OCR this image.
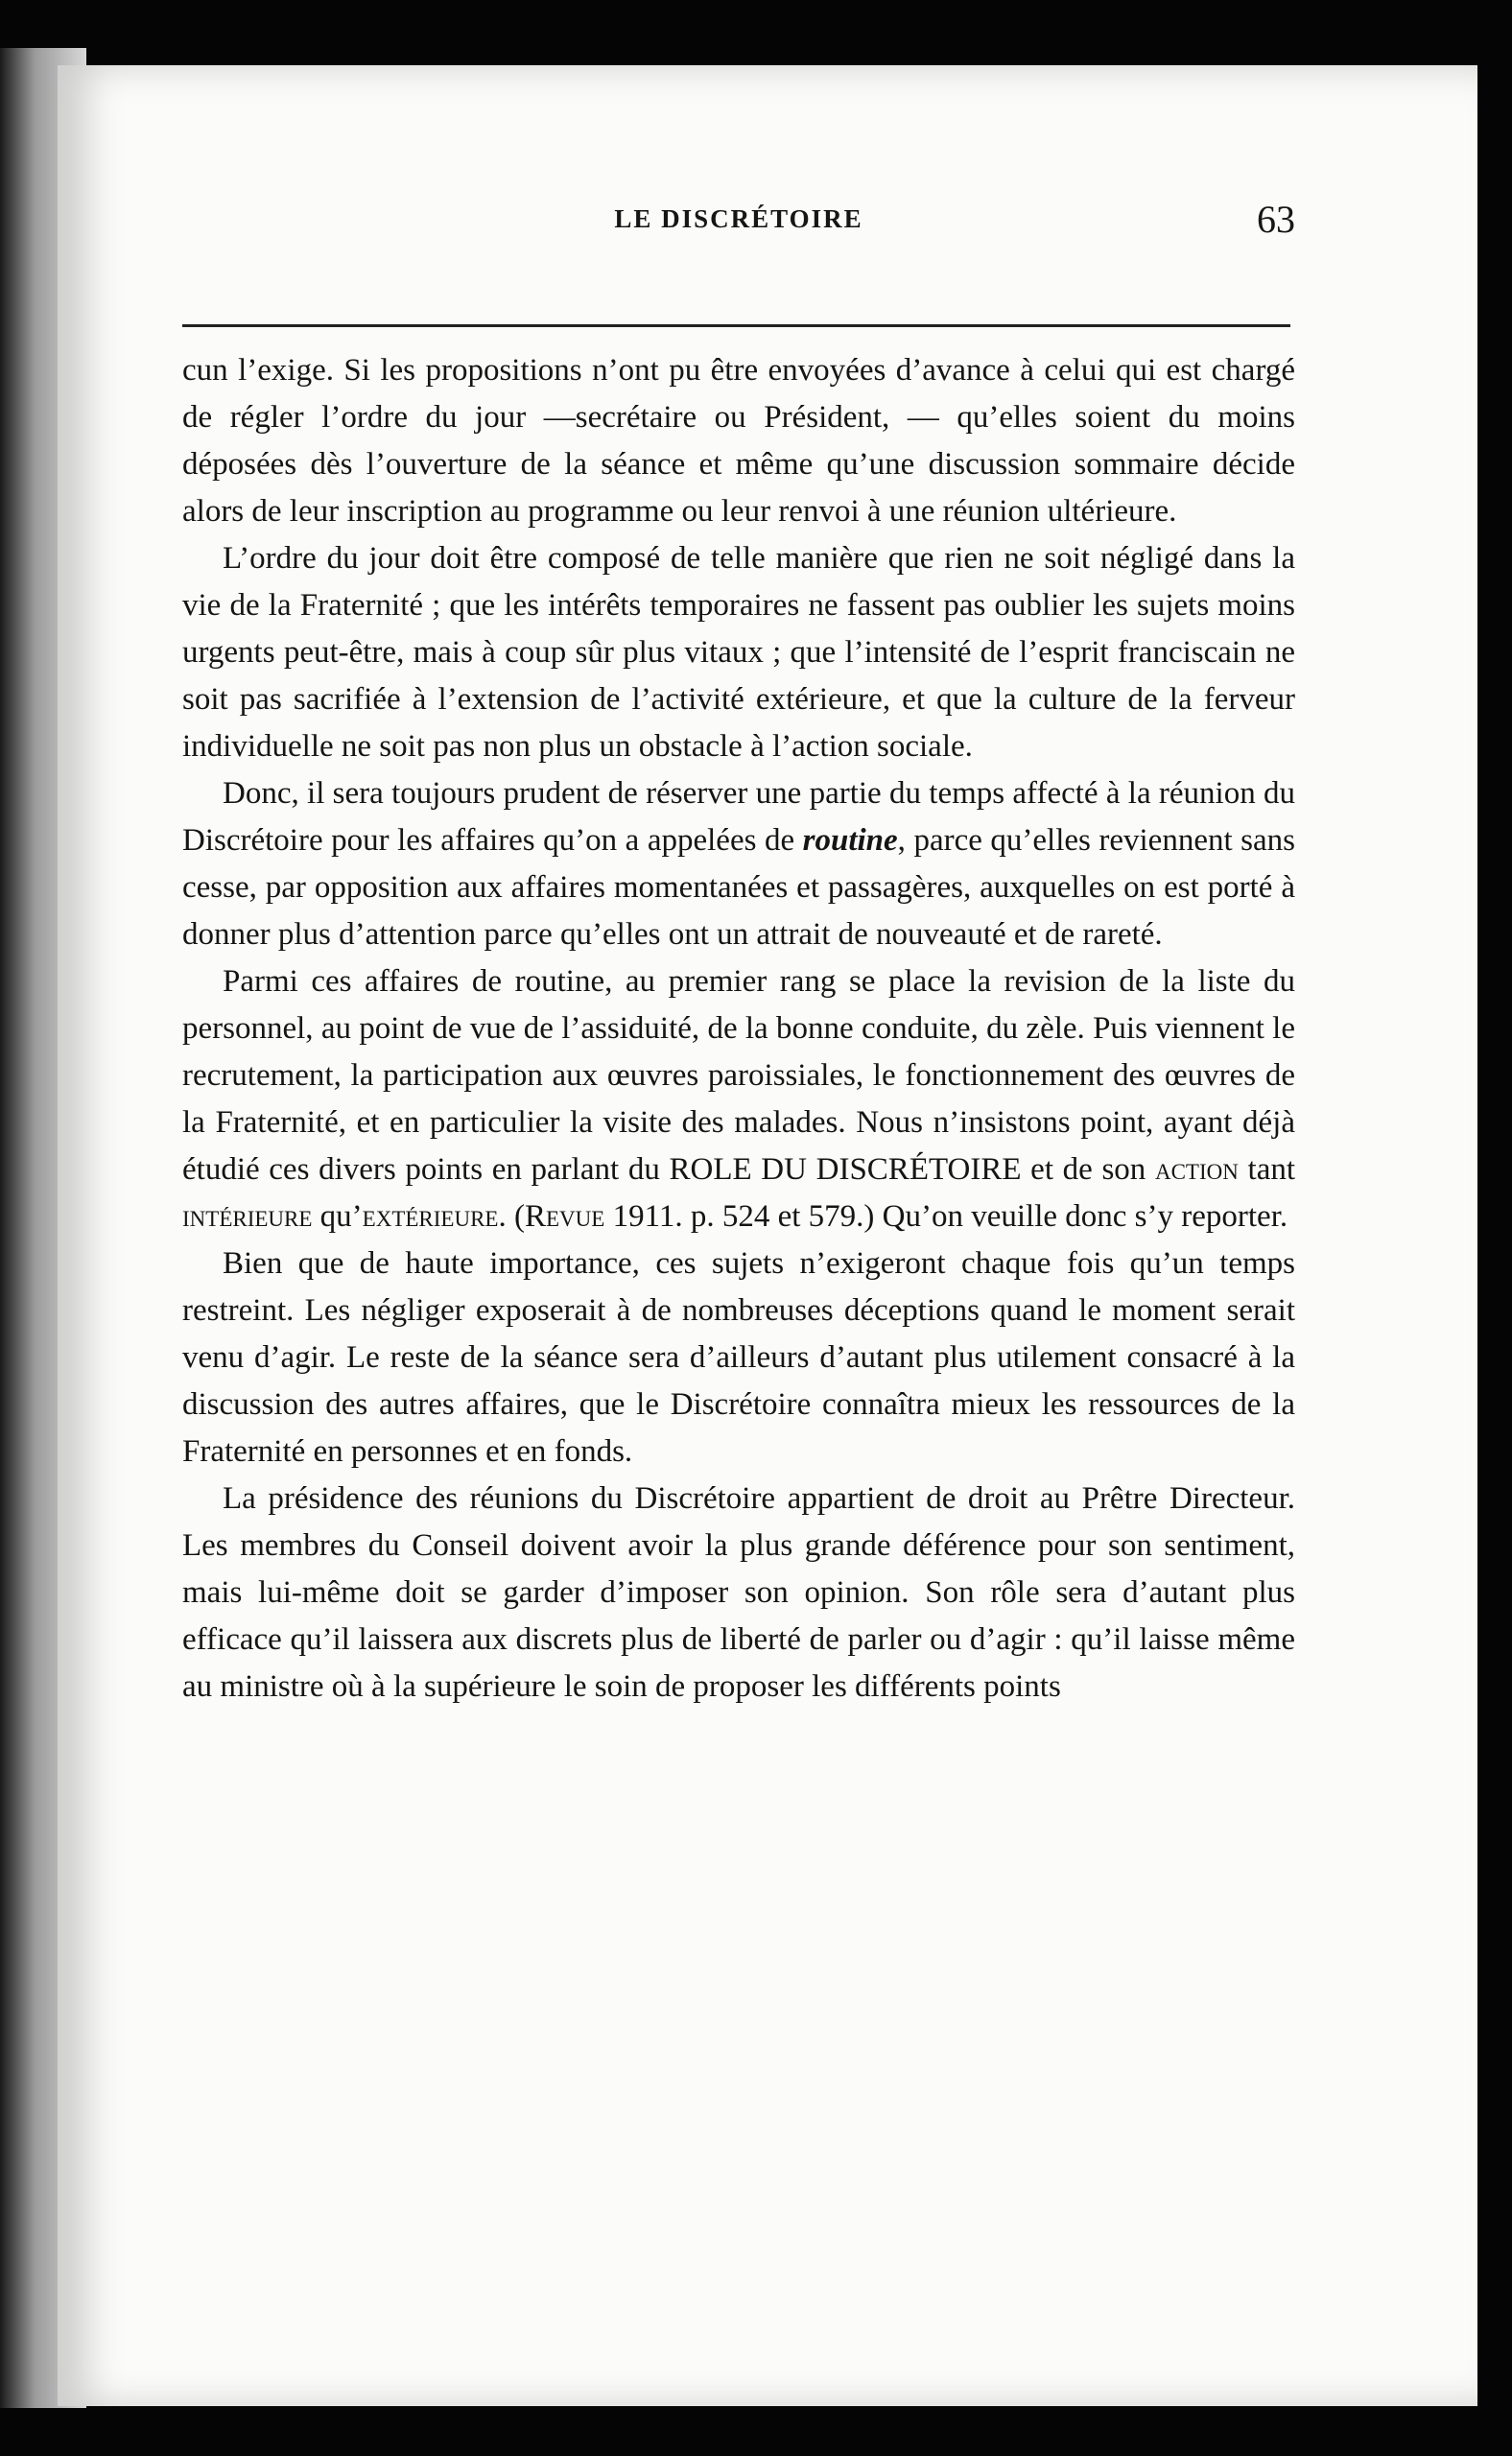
LE DISCRÉTOIRE	63

cun l’exige. Si les propositions n’ont pu être envoyées d’avance à celui qui est chargé de régler l’ordre du jour —secrétaire ou Président, — qu’elles soient du moins déposées dès l’ouverture de la séance et même qu’une discussion sommaire décide alors de leur inscription au programme ou leur renvoi à une réunion ultérieure.

L’ordre du jour doit être composé de telle manière que rien ne soit négligé dans la vie de la Fraternité ; que les intérêts temporaires ne fassent pas oublier les sujets moins urgents peut-être, mais à coup sûr plus vitaux ; que l’intensité de l’esprit franciscain ne soit pas sacrifiée à l’extension de l’activité extérieure, et que la culture de la ferveur individuelle ne soit pas non plus un obstacle à l’action sociale.

Donc, il sera toujours prudent de réserver une partie du temps affecté à la réunion du Discrétoire pour les affaires qu’on a appelées de routine, parce qu’elles reviennent sans cesse, par opposition aux affaires momentanées et passagères, auxquelles on est porté à donner plus d’attention parce qu’elles ont un attrait de nouveauté et de rareté.

Parmi ces affaires de routine, au premier rang se place la revision de la liste du personnel, au point de vue de l’assiduité, de la bonne conduite, du zèle. Puis viennent le recrutement, la participation aux œuvres paroissiales, le fonctionnement des œuvres de la Fraternité, et en particulier la visite des malades. Nous n’insistons point, ayant déjà étudié ces divers points en parlant du ROLE DU DISCRÉTOIRE et de son action tant intérieure qu’extérieure. (Revue 1911. p. 524 et 579.) Qu’on veuille donc s’y reporter.

Bien que de haute importance, ces sujets n’exigeront chaque fois qu’un temps restreint. Les négliger exposerait à de nombreuses déceptions quand le moment serait venu d’agir. Le reste de la séance sera d’ailleurs d’autant plus utilement consacré à la discussion des autres affaires, que le Discrétoire connaîtra mieux les ressources de la Fraternité en personnes et en fonds.

La présidence des réunions du Discrétoire appartient de droit au Prêtre Directeur. Les membres du Conseil doivent avoir la plus grande déférence pour son sentiment, mais lui-même doit se garder d’imposer son opinion. Son rôle sera d’autant plus efficace qu’il laissera aux discrets plus de liberté de parler ou d’agir : qu’il laisse même au ministre où à la supérieure le soin de proposer les différents points
